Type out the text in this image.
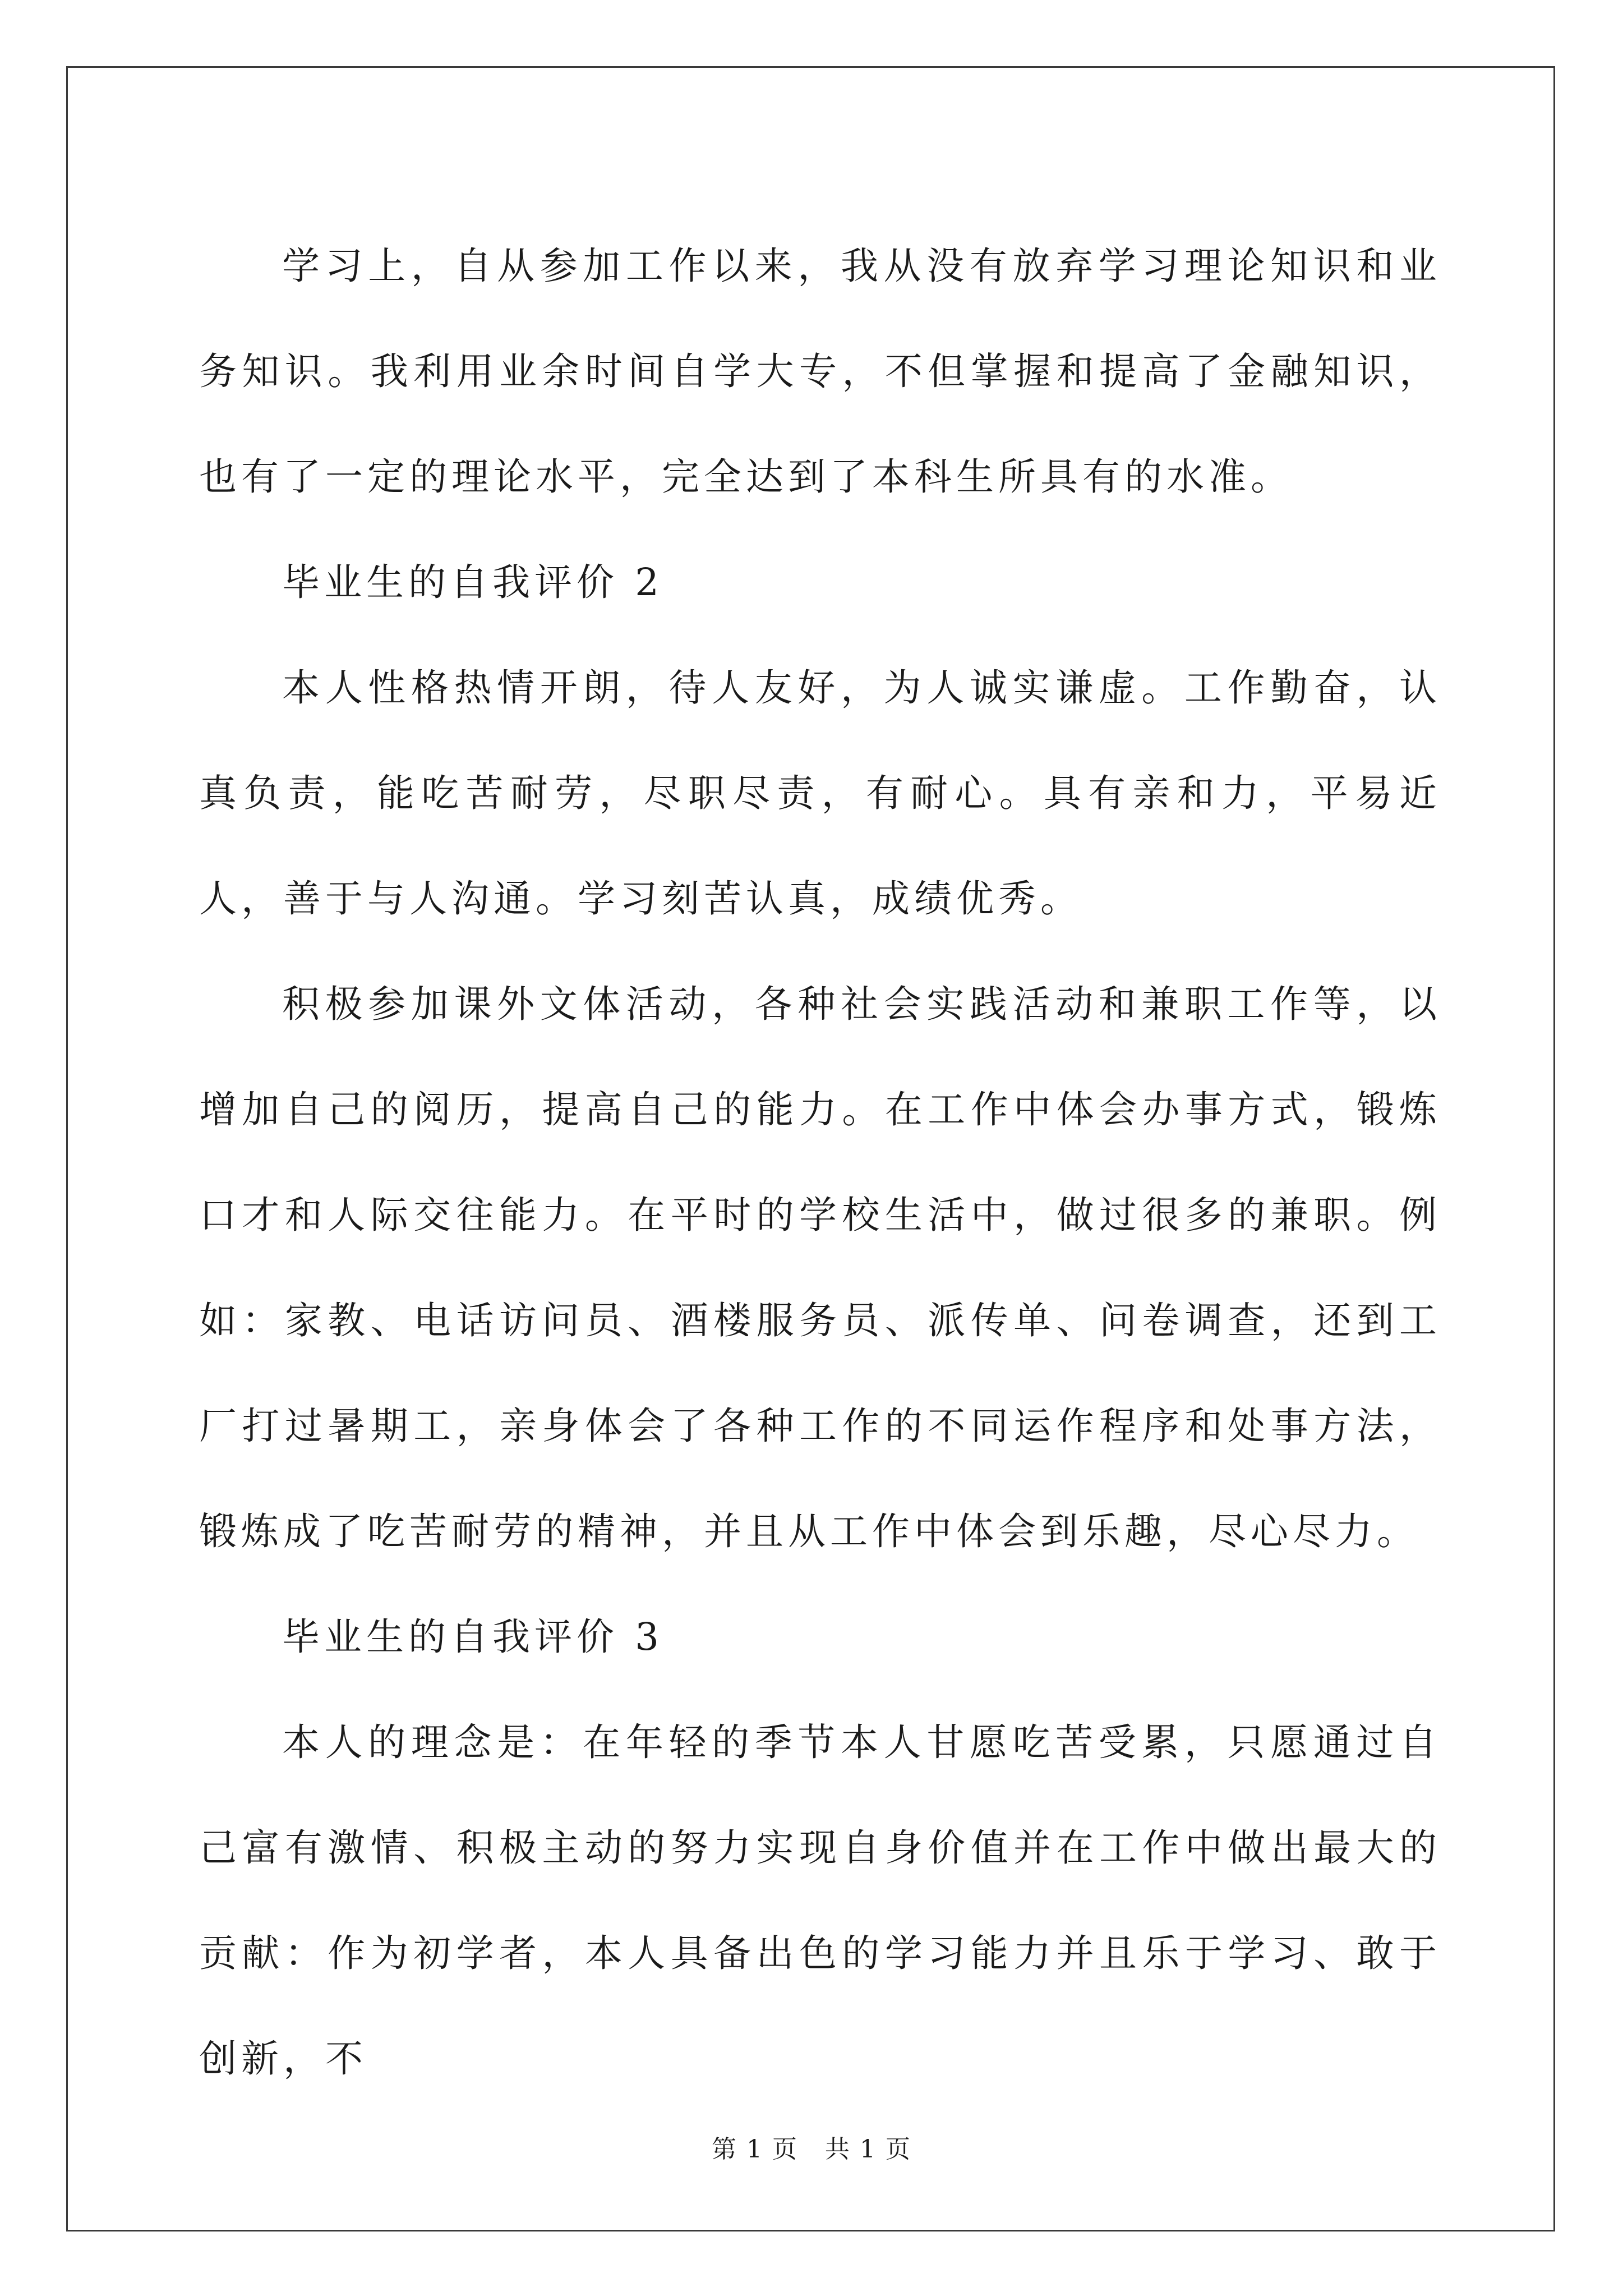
学习上，自从参加工作以来，我从没有放弃学习理论知识和业务知识。我利用业余时间自学大专，不但掌握和提高了金融知识，也有了一定的理论水平，完全达到了本科生所具有的水准。

毕业生的自我评价 2

本人性格热情开朗，待人友好，为人诚实谦虚。工作勤奋，认真负责，能吃苦耐劳，尽职尽责，有耐心。具有亲和力，平易近人，善于与人沟通。学习刻苦认真，成绩优秀。

积极参加课外文体活动，各种社会实践活动和兼职工作等，以增加自己的阅历，提高自己的能力。在工作中体会办事方式，锻炼口才和人际交往能力。在平时的学校生活中，做过很多的兼职。例如：家教、电话访问员、酒楼服务员、派传单、问卷调查，还到工厂打过暑期工，亲身体会了各种工作的不同运作程序和处事方法，锻炼成了吃苦耐劳的精神，并且从工作中体会到乐趣，尽心尽力。

毕业生的自我评价 3

本人的理念是：在年轻的季节本人甘愿吃苦受累，只愿通过自己富有激情、积极主动的努力实现自身价值并在工作中做出最大的贡献：作为初学者，本人具备出色的学习能力并且乐于学习、敢于创新，不

第 1 页 共 1 页
